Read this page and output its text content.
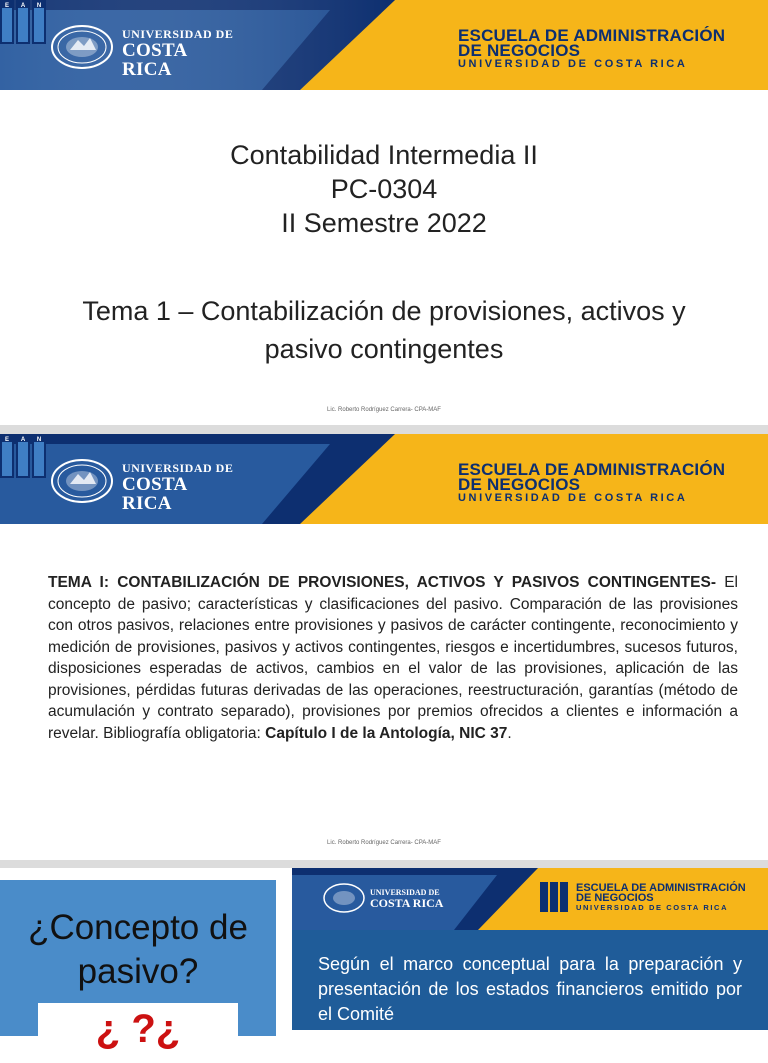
UNIVERSIDAD DE
COSTA RICA
E A N
ESCUELA DE ADMINISTRACIÓN
DE NEGOCIOS
UNIVERSIDAD DE COSTA RICA
Contabilidad Intermedia II
PC-0304
II Semestre 2022
Tema 1 – Contabilización de provisiones, activos y pasivo contingentes
Lic. Roberto Rodríguez Carrera- CPA-MAF
UNIVERSIDAD DE
COSTA RICA
E A N
ESCUELA DE ADMINISTRACIÓN
DE NEGOCIOS
UNIVERSIDAD DE COSTA RICA
TEMA I: CONTABILIZACIÓN DE PROVISIONES, ACTIVOS Y PASIVOS CONTINGENTES- El concepto de pasivo; características y clasificaciones del pasivo. Comparación de las provisiones con otros pasivos, relaciones entre provisiones y pasivos de carácter contingente, reconocimiento y medición de provisiones, pasivos y activos contingentes, riesgos e incertidumbres, sucesos futuros, disposiciones esperadas de activos, cambios en el valor de las provisiones, aplicación de las provisiones, pérdidas futuras derivadas de las operaciones, reestructuración, garantías (método de acumulación y contrato separado), provisiones por premios ofrecidos a clientes e información a revelar. Bibliografía obligatoria: Capítulo I de la Antología, NIC 37.
Lic. Roberto Rodríguez Carrera- CPA-MAF
¿Concepto de
pasivo?
¿ ?¿
UNIVERSIDAD DE
COSTA RICA
ESCUELA DE ADMINISTRACIÓN
DE NEGOCIOS
UNIVERSIDAD DE COSTA RICA
Según el marco conceptual para la preparación y presentación de los estados financieros emitido por el Comité
